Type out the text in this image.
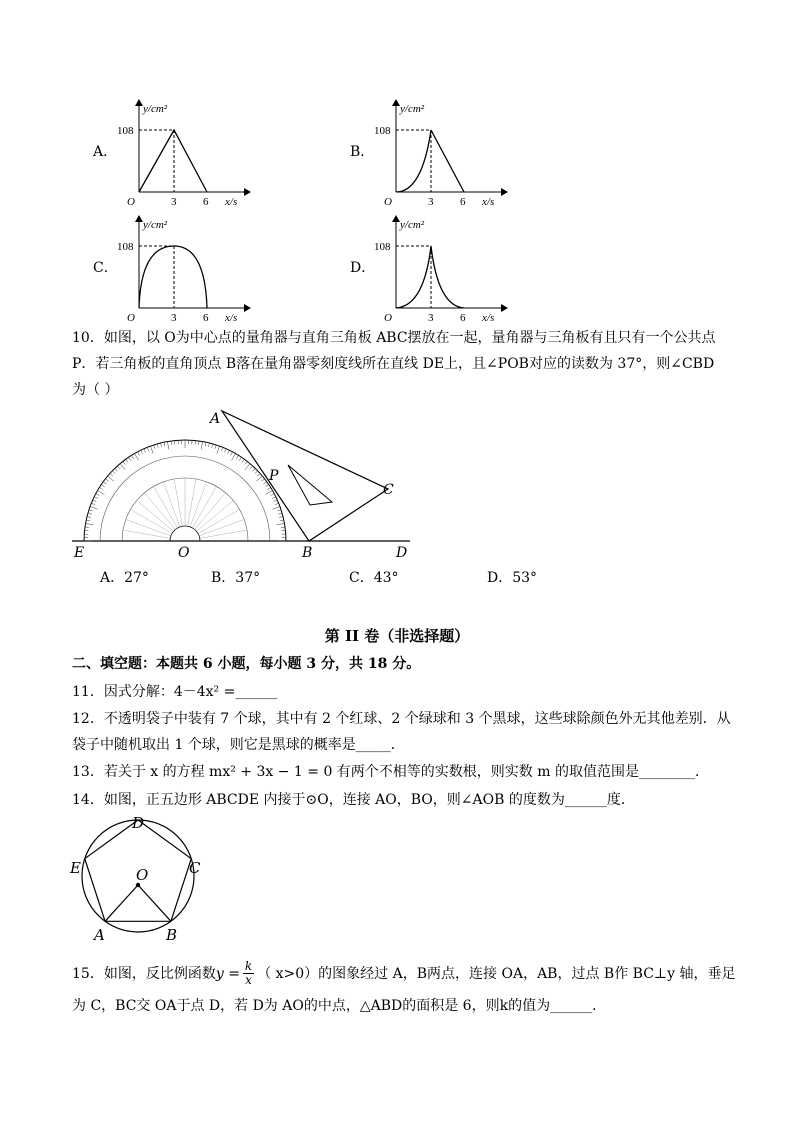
A．
y/cm²
108
O	3 6 x/s
B．
y/cm²
108
O	3 6 x/s
C．
y/cm²
108
O	3 6 x/s
D．
y/cm²
108
O	3 6 x/s
10．如图，以 O为中心点的量角器与直角三角板 ABC摆放在一起，量角器与三角板有且只有一个公共点
P．若三角板的直角顶点 B落在量角器零刻度线所在直线 DE上，且∠POB对应的读数为 37°，则∠CBD
为（ ）
A
P
C
E	O	B	D
A．27°	B．37°	C．43°	D．53°
第 II 卷（非选择题）
二、填空题：本题共 6 小题，每小题 3 分，共 18 分。
11．因式分解：4－4x² =______
12．不透明袋子中装有 7 个球，其中有 2 个红球、2 个绿球和 3 个黑球，这些球除颜色外无其他差别．从
袋子中随机取出 1 个球，则它是黑球的概率是_____．
13．若关于 x 的方程 mx² + 3x − 1 = 0 有两个不相等的实数根，则实数 m 的取值范围是________．
14．如图，正五边形 ABCDE 内接于⊙O，连接 AO，BO，则∠AOB 的度数为______度．
D
E	C
O
A	B
15．如图，反比例函数 $y = \frac{k}{x}$ （ x>0）的图象经过 A，B两点，连接 OA，AB，过点 B作 BC⊥y 轴，垂足
为 C，BC交 OA于点 D，若 D为 AO的中点，△ABD的面积是 6，则k的值为______．
